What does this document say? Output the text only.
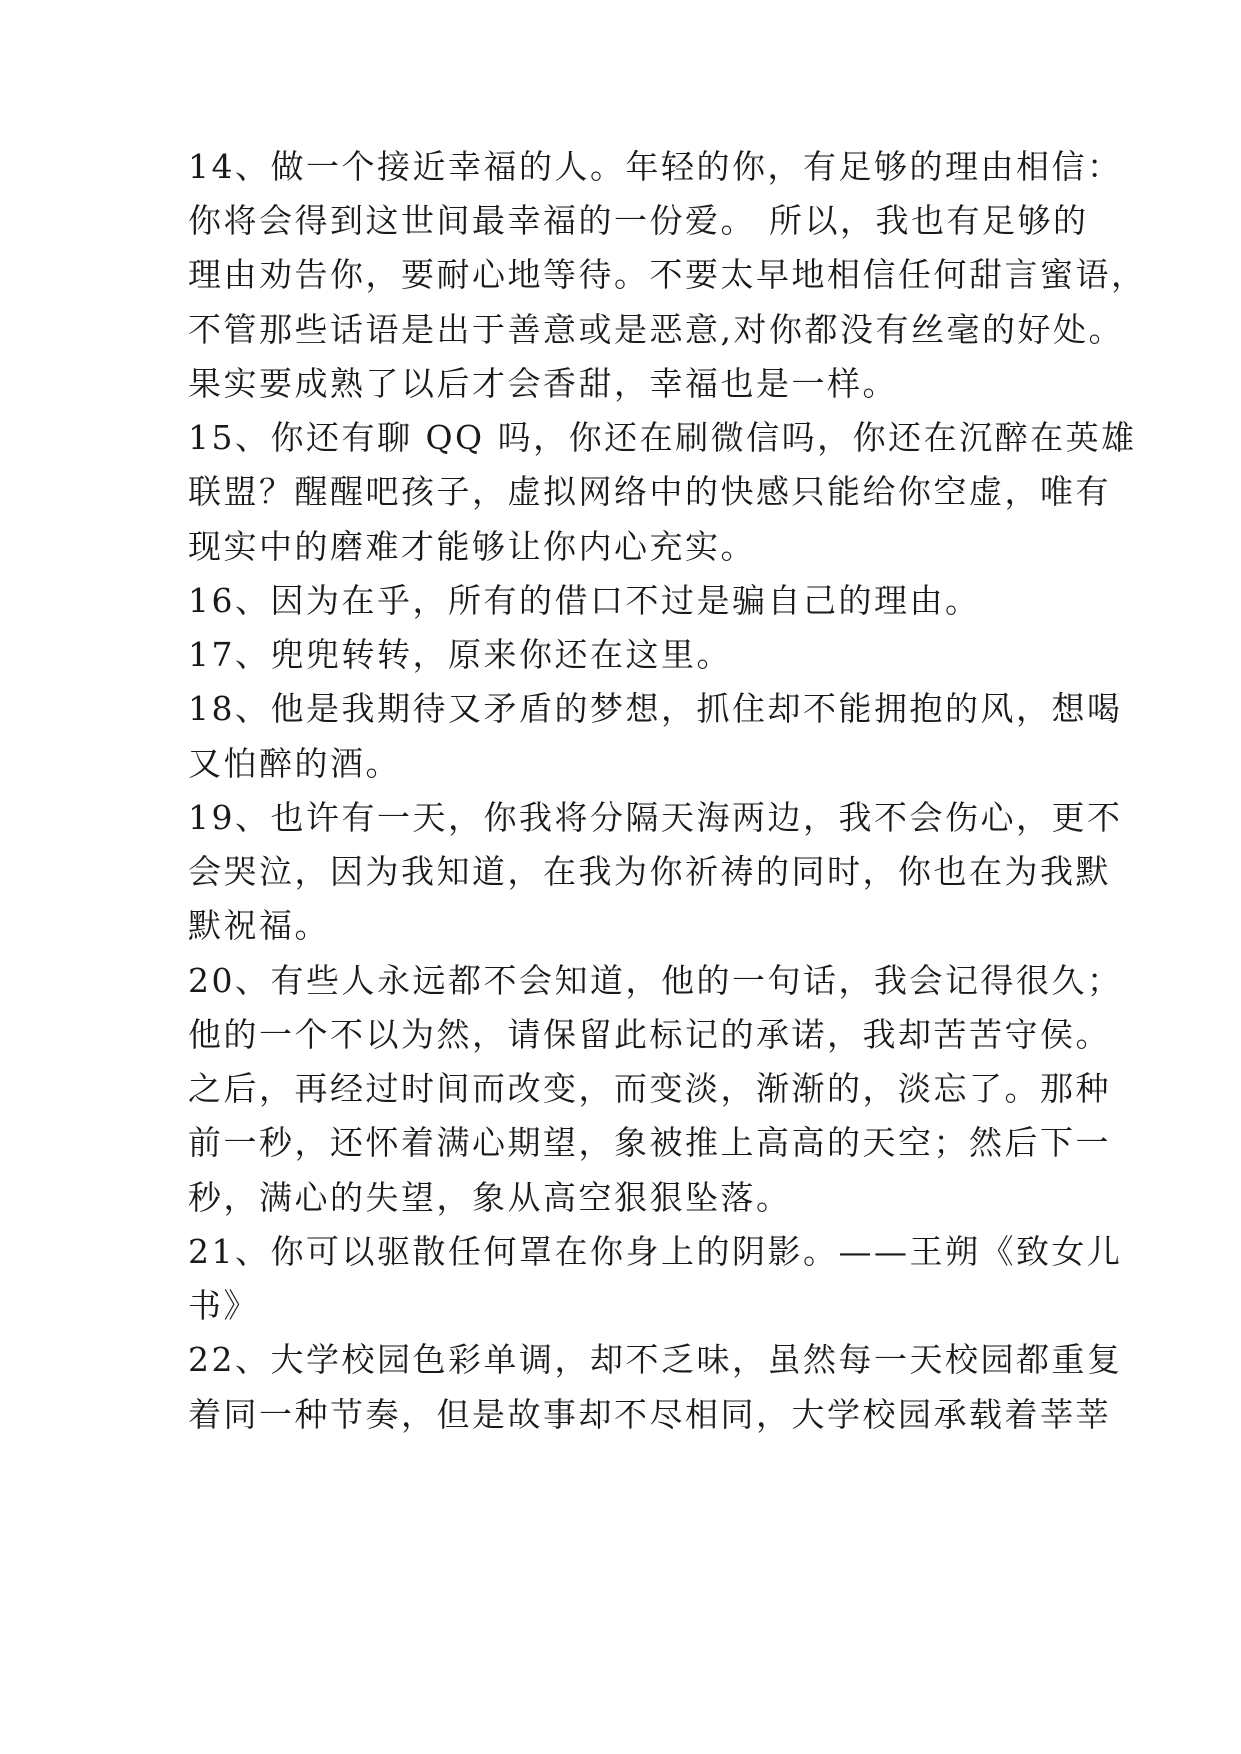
14、做一个接近幸福的人。年轻的你，有足够的理由相信：
你将会得到这世间最幸福的一份爱。 所以，我也有足够的
理由劝告你，要耐心地等待。不要太早地相信任何甜言蜜语，
不管那些话语是出于善意或是恶意,对你都没有丝毫的好处。
果实要成熟了以后才会香甜，幸福也是一样。
15、你还有聊 QQ 吗，你还在刷微信吗，你还在沉醉在英雄
联盟？醒醒吧孩子，虚拟网络中的快感只能给你空虚，唯有
现实中的磨难才能够让你内心充实。
16、因为在乎，所有的借口不过是骗自己的理由。
17、兜兜转转，原来你还在这里。
18、他是我期待又矛盾的梦想，抓住却不能拥抱的风，想喝
又怕醉的酒。
19、也许有一天，你我将分隔天海两边，我不会伤心，更不
会哭泣，因为我知道，在我为你祈祷的同时，你也在为我默
默祝福。
20、有些人永远都不会知道，他的一句话，我会记得很久；
他的一个不以为然，请保留此标记的承诺，我却苦苦守侯。
之后，再经过时间而改变，而变淡，渐渐的，淡忘了。那种
前一秒，还怀着满心期望，象被推上高高的天空；然后下一
秒，满心的失望，象从高空狠狠坠落。
21、你可以驱散任何罩在你身上的阴影。——王朔《致女儿
书》
22、大学校园色彩单调，却不乏味，虽然每一天校园都重复
着同一种节奏，但是故事却不尽相同，大学校园承载着莘莘
